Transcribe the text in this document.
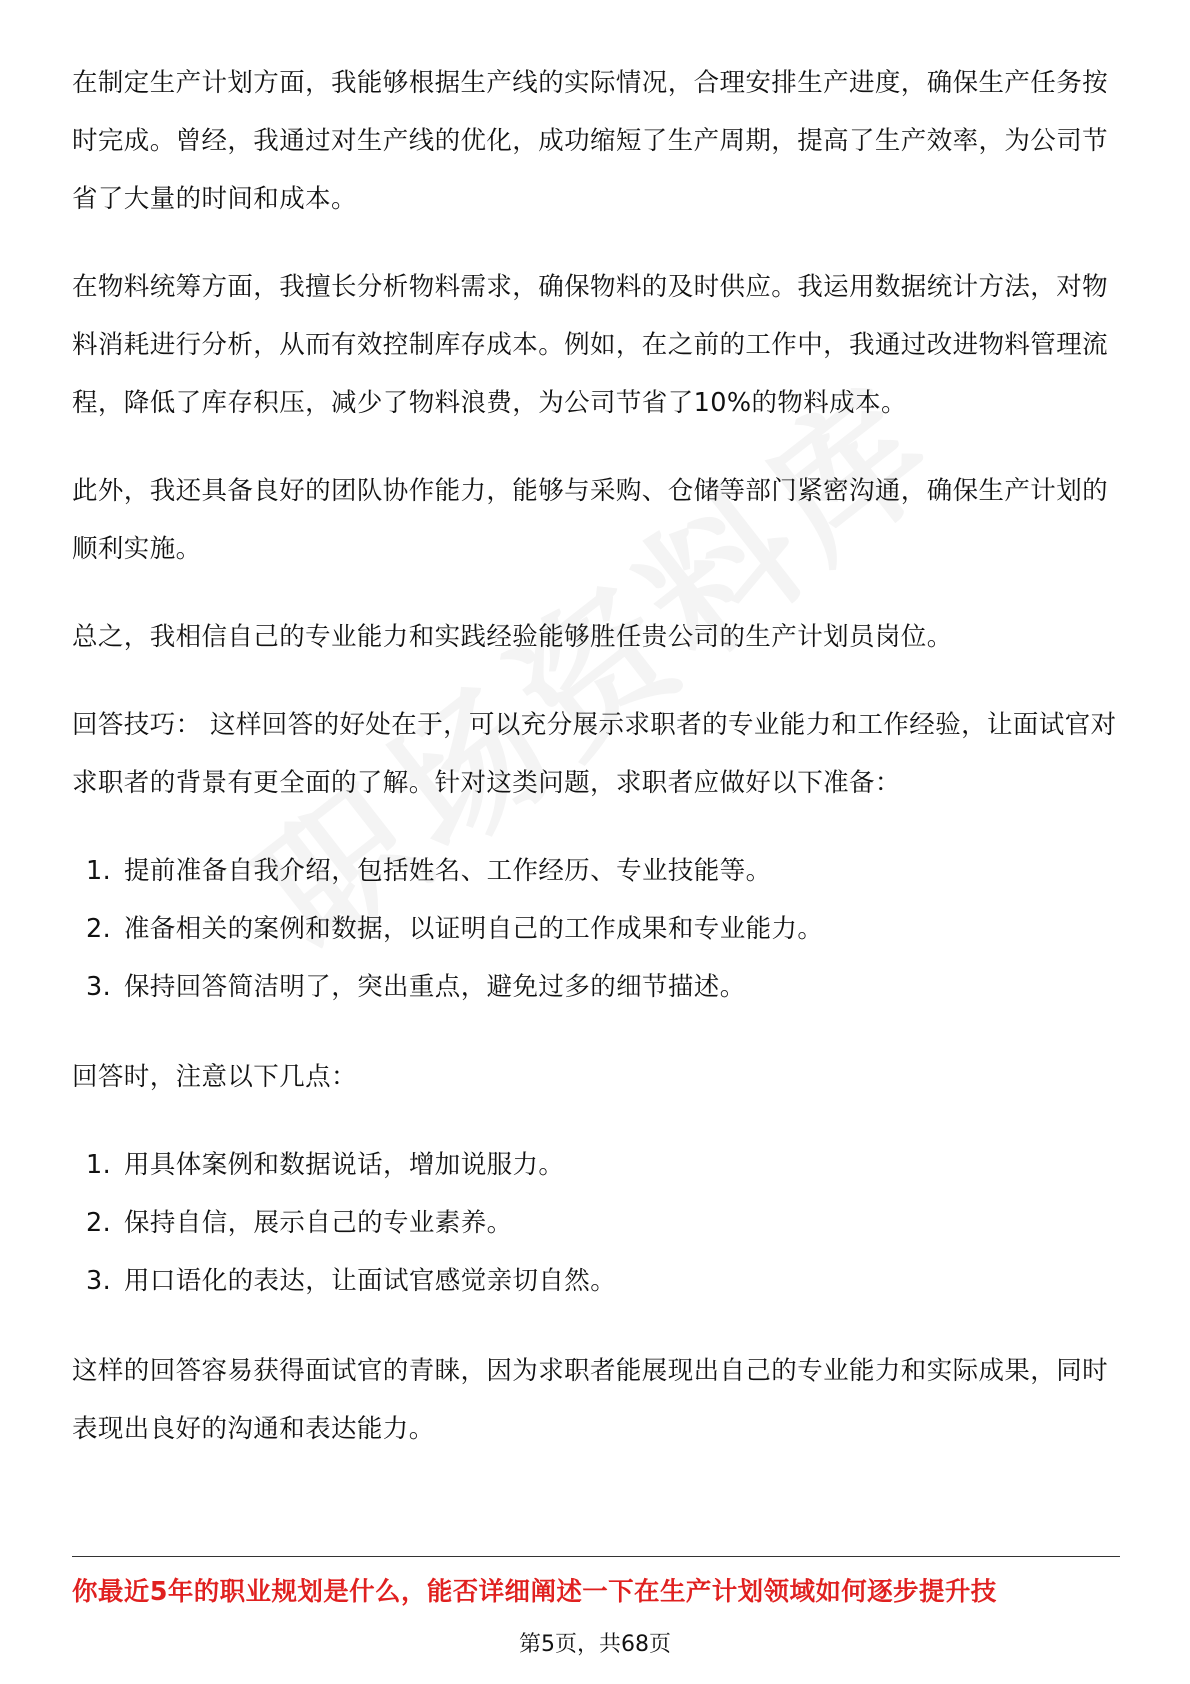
在制定生产计划方面，我能够根据生产线的实际情况，合理安排生产进度，确保生产任务按时完成。曾经，我通过对生产线的优化，成功缩短了生产周期，提高了生产效率，为公司节省了大量的时间和成本。

在物料统筹方面，我擅长分析物料需求，确保物料的及时供应。我运用数据统计方法，对物料消耗进行分析，从而有效控制库存成本。例如，在之前的工作中，我通过改进物料管理流程，降低了库存积压，减少了物料浪费，为公司节省了10%的物料成本。

此外，我还具备良好的团队协作能力，能够与采购、仓储等部门紧密沟通，确保生产计划的顺利实施。

总之，我相信自己的专业能力和实践经验能够胜任贵公司的生产计划员岗位。

回答技巧： 这样回答的好处在于，可以充分展示求职者的专业能力和工作经验，让面试官对求职者的背景有更全面的了解。针对这类问题，求职者应做好以下准备：

1. 提前准备自我介绍，包括姓名、工作经历、专业技能等。
2. 准备相关的案例和数据，以证明自己的工作成果和专业能力。
3. 保持回答简洁明了，突出重点，避免过多的细节描述。

回答时，注意以下几点：

1. 用具体案例和数据说话，增加说服力。
2. 保持自信，展示自己的专业素养。
3. 用口语化的表达，让面试官感觉亲切自然。

这样的回答容易获得面试官的青睐，因为求职者能展现出自己的专业能力和实际成果，同时表现出良好的沟通和表达能力。

你最近5年的职业规划是什么，能否详细阐述一下在生产计划领域如何逐步提升技
第5页，共68页
